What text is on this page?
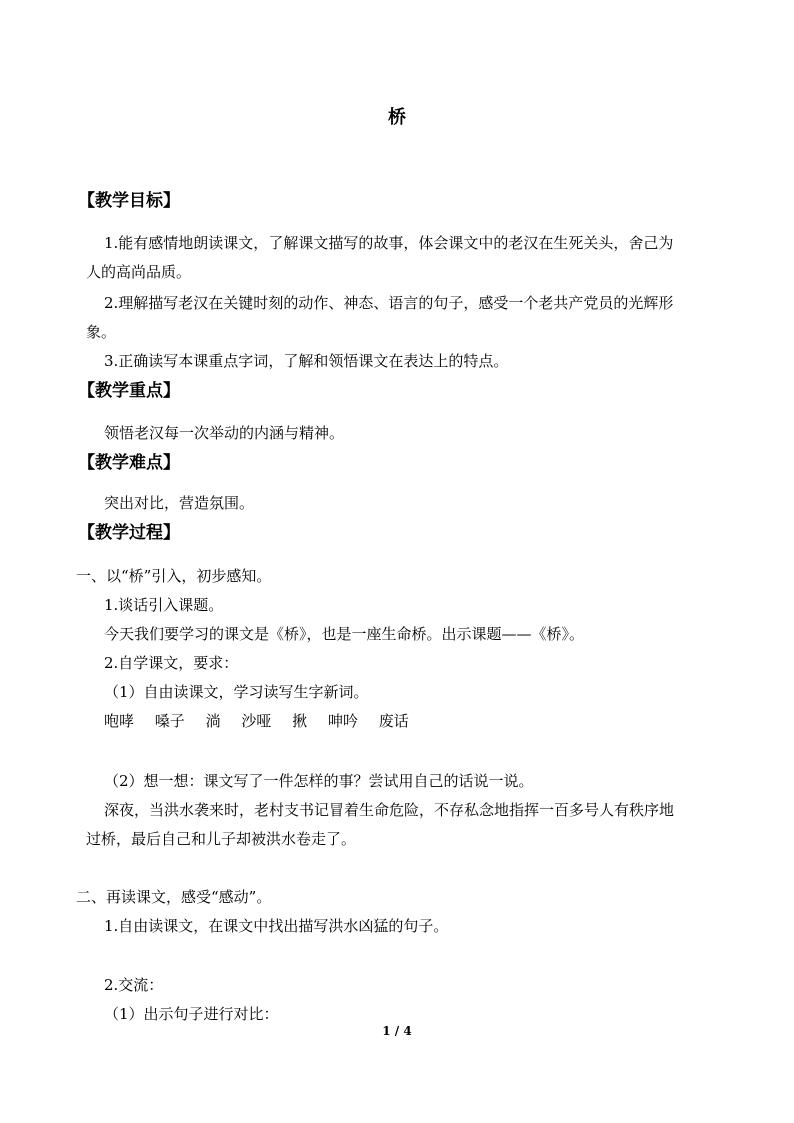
桥
【教学目标】
1.能有感情地朗读课文，了解课文描写的故事，体会课文中的老汉在生死关头，舍己为
人的高尚品质。
2.理解描写老汉在关键时刻的动作、神态、语言的句子，感受一个老共产党员的光辉形
象。
3.正确读写本课重点字词，了解和领悟课文在表达上的特点。
【教学重点】
领悟老汉每一次举动的内涵与精神。
【教学难点】
突出对比，营造氛围。
【教学过程】
一、以“桥”引入，初步感知。
1.谈话引入课题。
今天我们要学习的课文是《桥》，也是一座生命桥。出示课题——《桥》。
2.自学课文，要求：
（1）自由读课文，学习读写生字新词。
咆哮 嗓子 淌 沙哑 揪 呻吟 废话
（2）想一想：课文写了一件怎样的事？尝试用自己的话说一说。
深夜，当洪水袭来时，老村支书记冒着生命危险，不存私念地指挥一百多号人有秩序地
过桥，最后自己和儿子却被洪水卷走了。
二、再读课文，感受“感动”。
1.自由读课文，在课文中找出描写洪水凶猛的句子。
2.交流：
（1）出示句子进行对比：
1 / 4
